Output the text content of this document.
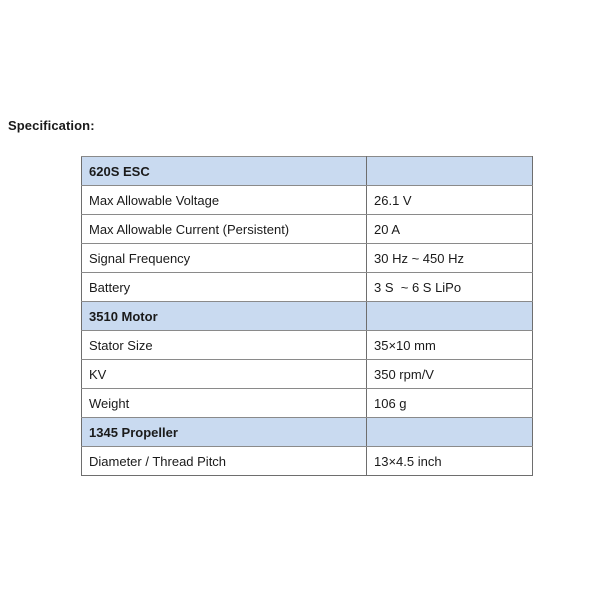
Specification:
620S ESC	
Max Allowable Voltage	26.1 V
Max Allowable Current (Persistent)	20 A
Signal Frequency	30 Hz ~ 450 Hz
Battery	3 S  ~ 6 S LiPo
3510 Motor	
Stator Size	35×10 mm
KV	350 rpm/V
Weight	106 g
1345 Propeller	
Diameter / Thread Pitch	13×4.5 inch
